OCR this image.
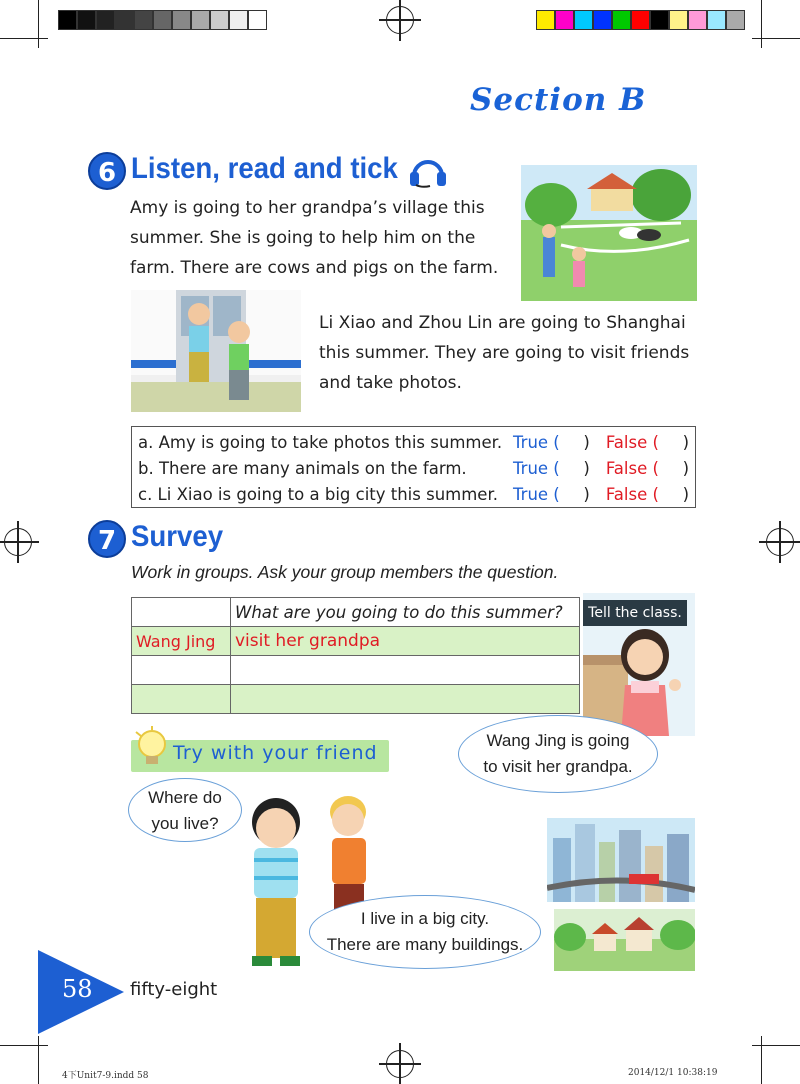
Section B
6 Listen, read and tick
Amy is going to her grandpa’s village this
summer. She is going to help him on the
farm. There are cows and pigs on the farm.
Li Xiao and Zhou Lin are going to Shanghai
this summer. They are going to visit friends
and take photos.
a. Amy is going to take photos this summer. True (	) False (	)
b. There are many animals on the farm.	True (	) False (	)
c. Li Xiao is going to a big city this summer. True (	) False (	)
7 Survey
Work in groups. Ask your group members the question.
	What are you going to do this summer?
Wang Jing	visit her grandpa

Tell the class.
Wang Jing is going
to visit her grandpa.
Try with your friend
Where do
you live?
I live in a big city.
There are many buildings.
58 fifty-eight
4下Unit7-9.indd 58	2014/12/1 10:38:19
